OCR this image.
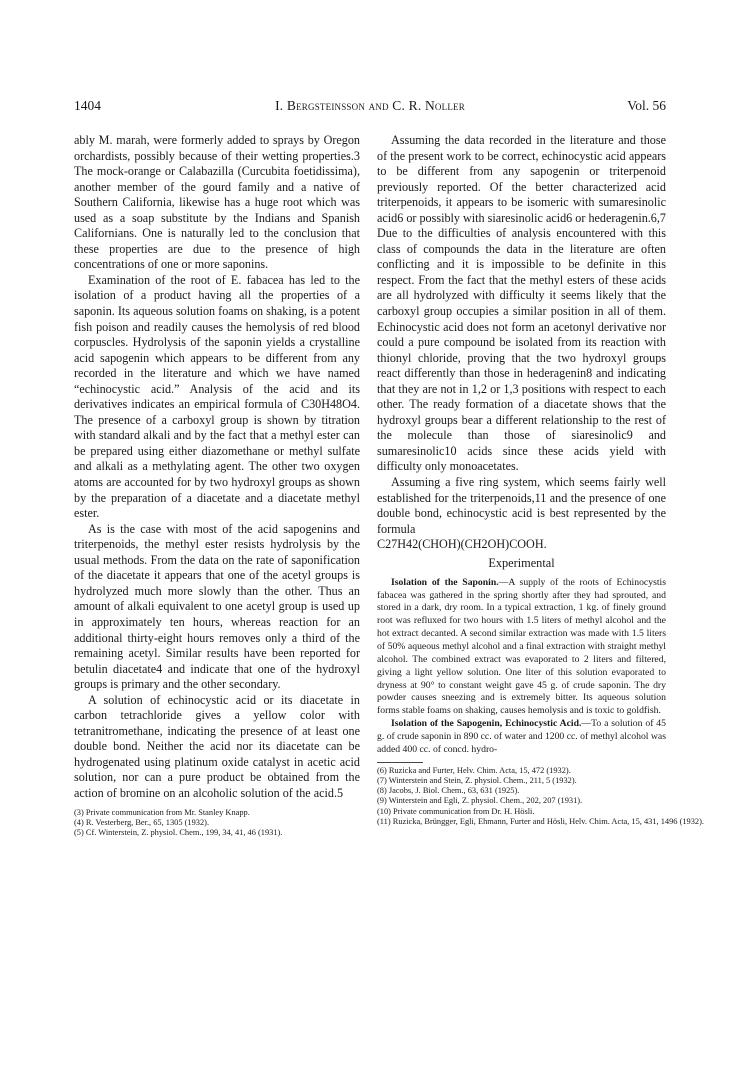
1404	I. Bergsteinsson and C. R. Noller	Vol. 56

ably M. marah, were formerly added to sprays by Oregon orchardists, possibly because of their wetting properties.3 The mock-orange or Calabazilla (Curcubita foetidissima), another member of the gourd family and a native of Southern California, likewise has a huge root which was used as a soap substitute by the Indians and Spanish Californians. One is naturally led to the conclusion that these properties are due to the presence of high concentrations of one or more saponins.

Examination of the root of E. fabacea has led to the isolation of a product having all the properties of a saponin. Its aqueous solution foams on shaking, is a potent fish poison and readily causes the hemolysis of red blood corpuscles. Hydrolysis of the saponin yields a crystalline acid sapogenin which appears to be different from any recorded in the literature and which we have named “echinocystic acid.” Analysis of the acid and its derivatives indicates an empirical formula of C30H48O4. The presence of a carboxyl group is shown by titration with standard alkali and by the fact that a methyl ester can be prepared using either diazomethane or methyl sulfate and alkali as a methylating agent. The other two oxygen atoms are accounted for by two hydroxyl groups as shown by the preparation of a diacetate and a diacetate methyl ester.

As is the case with most of the acid sapogenins and triterpenoids, the methyl ester resists hydrolysis by the usual methods. From the data on the rate of saponification of the diacetate it appears that one of the acetyl groups is hydrolyzed much more slowly than the other. Thus an amount of alkali equivalent to one acetyl group is used up in approximately ten hours, whereas reaction for an additional thirty-eight hours removes only a third of the remaining acetyl. Similar results have been reported for betulin diacetate4 and indicate that one of the hydroxyl groups is primary and the other secondary.

A solution of echinocystic acid or its diacetate in carbon tetrachloride gives a yellow color with tetranitromethane, indicating the presence of at least one double bond. Neither the acid nor its diacetate can be hydrogenated using platinum oxide catalyst in acetic acid solution, nor can a pure product be obtained from the action of bromine on an alcoholic solution of the acid.5

(3) Private communication from Mr. Stanley Knapp.
(4) R. Vesterberg, Ber., 65, 1305 (1932).
(5) Cf. Winterstein, Z. physiol. Chem., 199, 34, 41, 46 (1931).

Assuming the data recorded in the literature and those of the present work to be correct, echinocystic acid appears to be different from any sapogenin or triterpenoid previously reported. Of the better characterized acid triterpenoids, it appears to be isomeric with sumaresinolic acid6 or possibly with siaresinolic acid6 or hederagenin.6,7 Due to the difficulties of analysis encountered with this class of compounds the data in the literature are often conflicting and it is impossible to be definite in this respect. From the fact that the methyl esters of these acids are all hydrolyzed with difficulty it seems likely that the carboxyl group occupies a similar position in all of them. Echinocystic acid does not form an acetonyl derivative nor could a pure compound be isolated from its reaction with thionyl chloride, proving that the two hydroxyl groups react differently than those in hederagenin8 and indicating that they are not in 1,2 or 1,3 positions with respect to each other. The ready formation of a diacetate shows that the hydroxyl groups bear a different relationship to the rest of the molecule than those of siaresinolic9 and sumaresinolic10 acids since these acids yield with difficulty only monoacetates.

Assuming a five ring system, which seems fairly well established for the triterpenoids,11 and the presence of one double bond, echinocystic acid is best represented by the formula

C27H42(CHOH)(CH2OH)COOH.

Experimental

Isolation of the Saponin.—A supply of the roots of Echinocystis fabacea was gathered in the spring shortly after they had sprouted, and stored in a dark, dry room. In a typical extraction, 1 kg. of finely ground root was refluxed for two hours with 1.5 liters of methyl alcohol and the hot extract decanted. A second similar extraction was made with 1.5 liters of 50% aqueous methyl alcohol and a final extraction with straight methyl alcohol. The combined extract was evaporated to 2 liters and filtered, giving a light yellow solution. One liter of this solution evaporated to dryness at 90° to constant weight gave 45 g. of crude saponin. The dry powder causes sneezing and is extremely bitter. Its aqueous solution forms stable foams on shaking, causes hemolysis and is toxic to goldfish.

Isolation of the Sapogenin, Echinocystic Acid.—To a solution of 45 g. of crude saponin in 890 cc. of water and 1200 cc. of methyl alcohol was added 400 cc. of concd. hydro-

(6) Ruzicka and Furter, Helv. Chim. Acta, 15, 472 (1932).
(7) Winterstein and Stein, Z. physiol. Chem., 211, 5 (1932).
(8) Jacobs, J. Biol. Chem., 63, 631 (1925).
(9) Winterstein and Egli, Z. physiol. Chem., 202, 207 (1931).
(10) Private communication from Dr. H. Hösli.
(11) Ruzicka, Brüngger, Egli, Ehmann, Furter and Hösli, Helv. Chim. Acta, 15, 431, 1496 (1932).
